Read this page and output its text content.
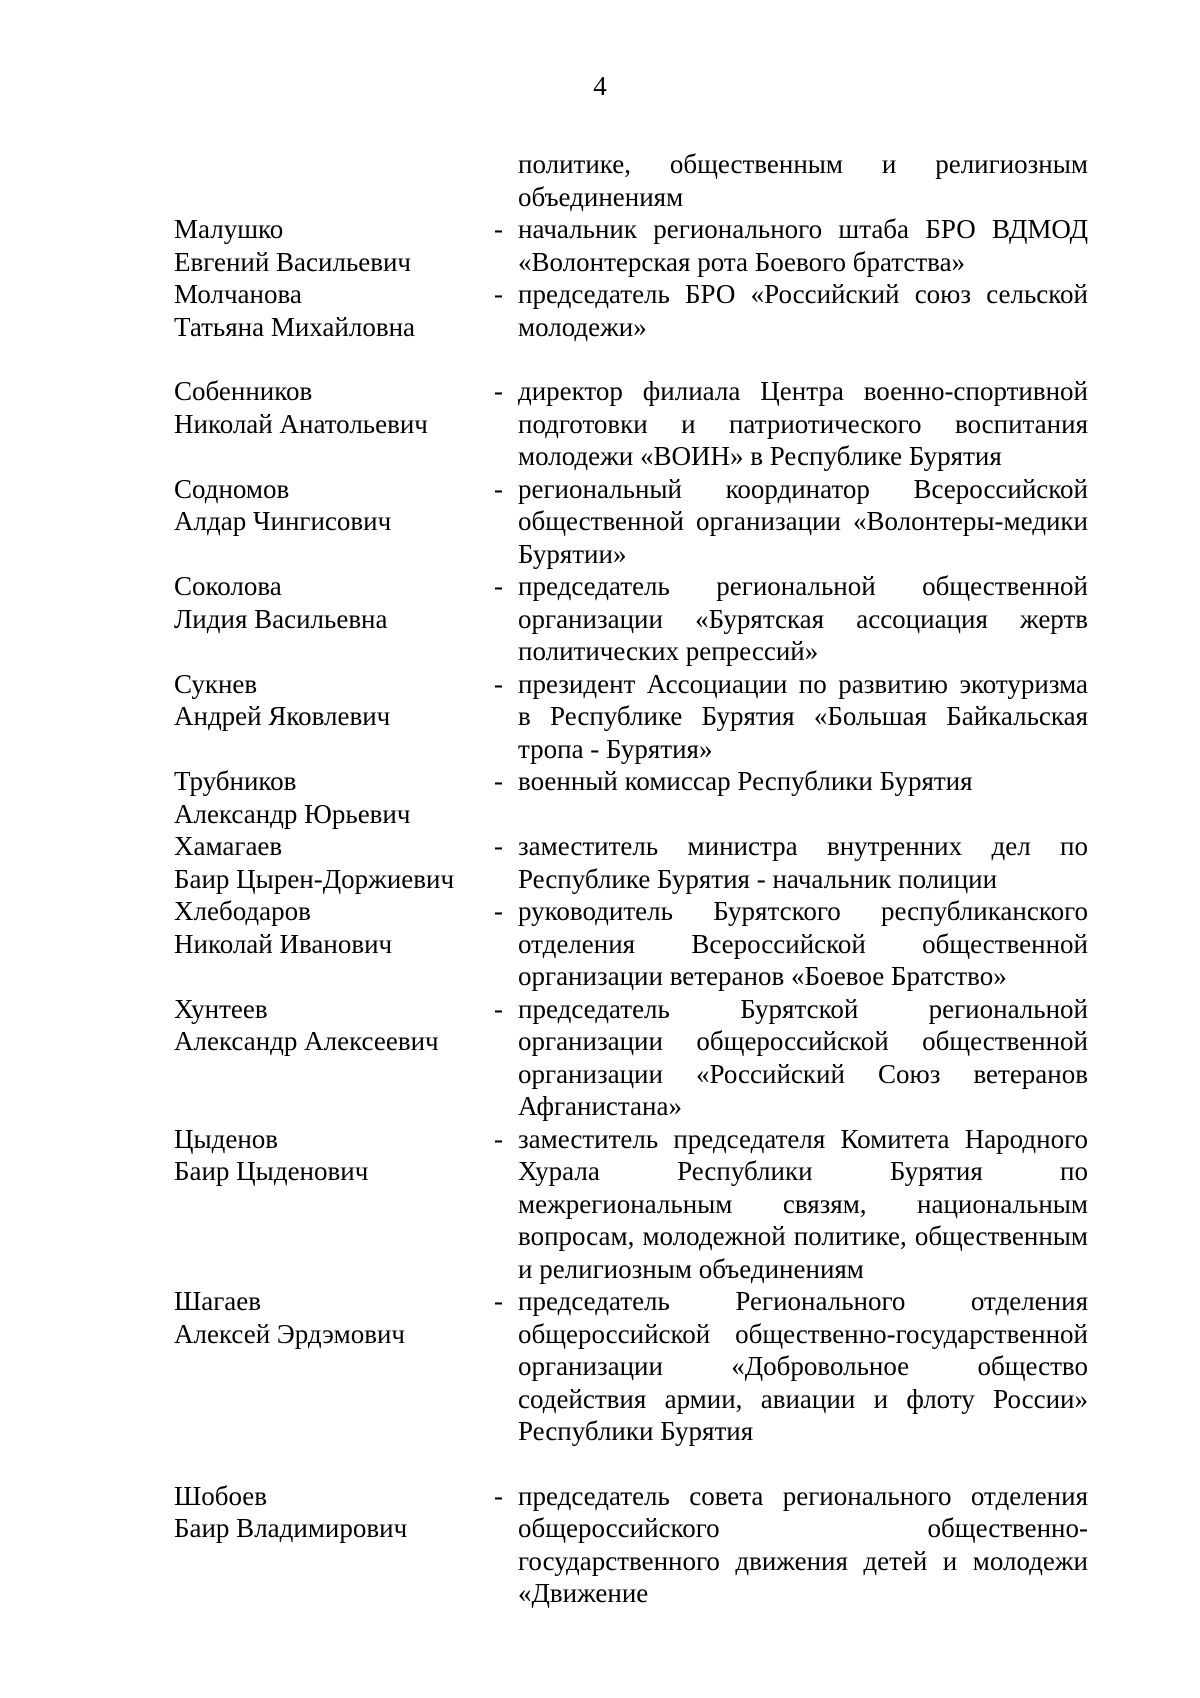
4
политике, общественным и религиозным объединениям
Малушко
Евгений Васильевич
- начальник регионального штаба БРО ВДМОД «Волонтерская рота Боевого братства»
Молчанова
Татьяна Михайловна
- председатель БРО «Российский союз сельской молодежи»
Собенников
Николай Анатольевич
- директор филиала Центра военно-спортивной подготовки и патриотического воспитания молодежи «ВОИН» в Республике Бурятия
Содномов
Алдар Чингисович
- региональный координатор Всероссийской общественной организации «Волонтеры-медики Бурятии»
Соколова
Лидия Васильевна
- председатель региональной общественной организации «Бурятская ассоциация жертв политических репрессий»
Сукнев
Андрей Яковлевич
- президент Ассоциации по развитию экотуризма в Республике Бурятия «Большая Байкальская тропа - Бурятия»
Трубников
Александр Юрьевич
- военный комиссар Республики Бурятия
Хамагаев
Баир Цырен-Доржиевич
- заместитель министра внутренних дел по Республике Бурятия - начальник полиции
Хлебодаров
Николай Иванович
- руководитель Бурятского республиканского отделения Всероссийской общественной организации ветеранов «Боевое Братство»
Хунтеев
Александр Алексеевич
- председатель Бурятской региональной организации общероссийской общественной организации «Российский Союз ветеранов Афганистана»
Цыденов
Баир Цыденович
- заместитель председателя Комитета Народного Хурала Республики Бурятия по межрегиональным связям, национальным вопросам, молодежной политике, общественным и религиозным объединениям
Шагаев
Алексей Эрдэмович
- председатель Регионального отделения общероссийской общественно-государственной организации «Добровольное общество содействия армии, авиации и флоту России» Республики Бурятия
Шобоев
Баир Владимирович
- председатель совета регионального отделения общероссийского общественно-государственного движения детей и молодежи «Движение
